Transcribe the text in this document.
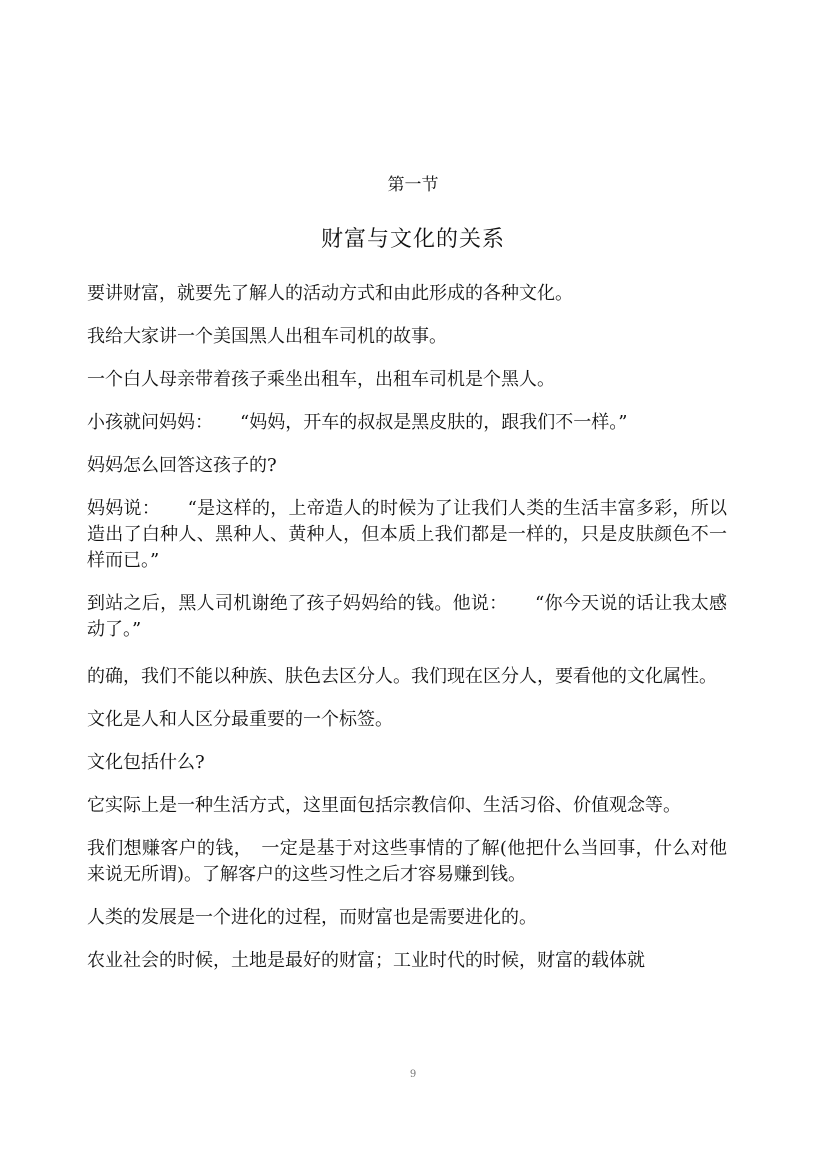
第一节
财富与文化的关系

要讲财富，就要先了解人的活动方式和由此形成的各种文化。

我给大家讲一个美国黑人出租车司机的故事。

一个白人母亲带着孩子乘坐出租车，出租车司机是个黑人。

小孩就问妈妈：　　“妈妈，开车的叔叔是黑皮肤的，跟我们不一样。”

妈妈怎么回答这孩子的?

妈妈说：　　“是这样的，上帝造人的时候为了让我们人类的生活丰富多彩，所以造出了白种人、黑种人、黄种人，但本质上我们都是一样的，只是皮肤颜色不一样而已。”

到站之后，黑人司机谢绝了孩子妈妈给的钱。他说：　　“你今天说的话让我太感动了。”

的确，我们不能以种族、肤色去区分人。我们现在区分人，要看他的文化属性。

文化是人和人区分最重要的一个标签。

文化包括什么?

它实际上是一种生活方式，这里面包括宗教信仰、生活习俗、价值观念等。

我们想赚客户的钱，　一定是基于对这些事情的了解(他把什么当回事，什么对他来说无所谓)。了解客户的这些习性之后才容易赚到钱。

人类的发展是一个进化的过程，而财富也是需要进化的。

农业社会的时候，土地是最好的财富；工业时代的时候，财富的载体就

9
